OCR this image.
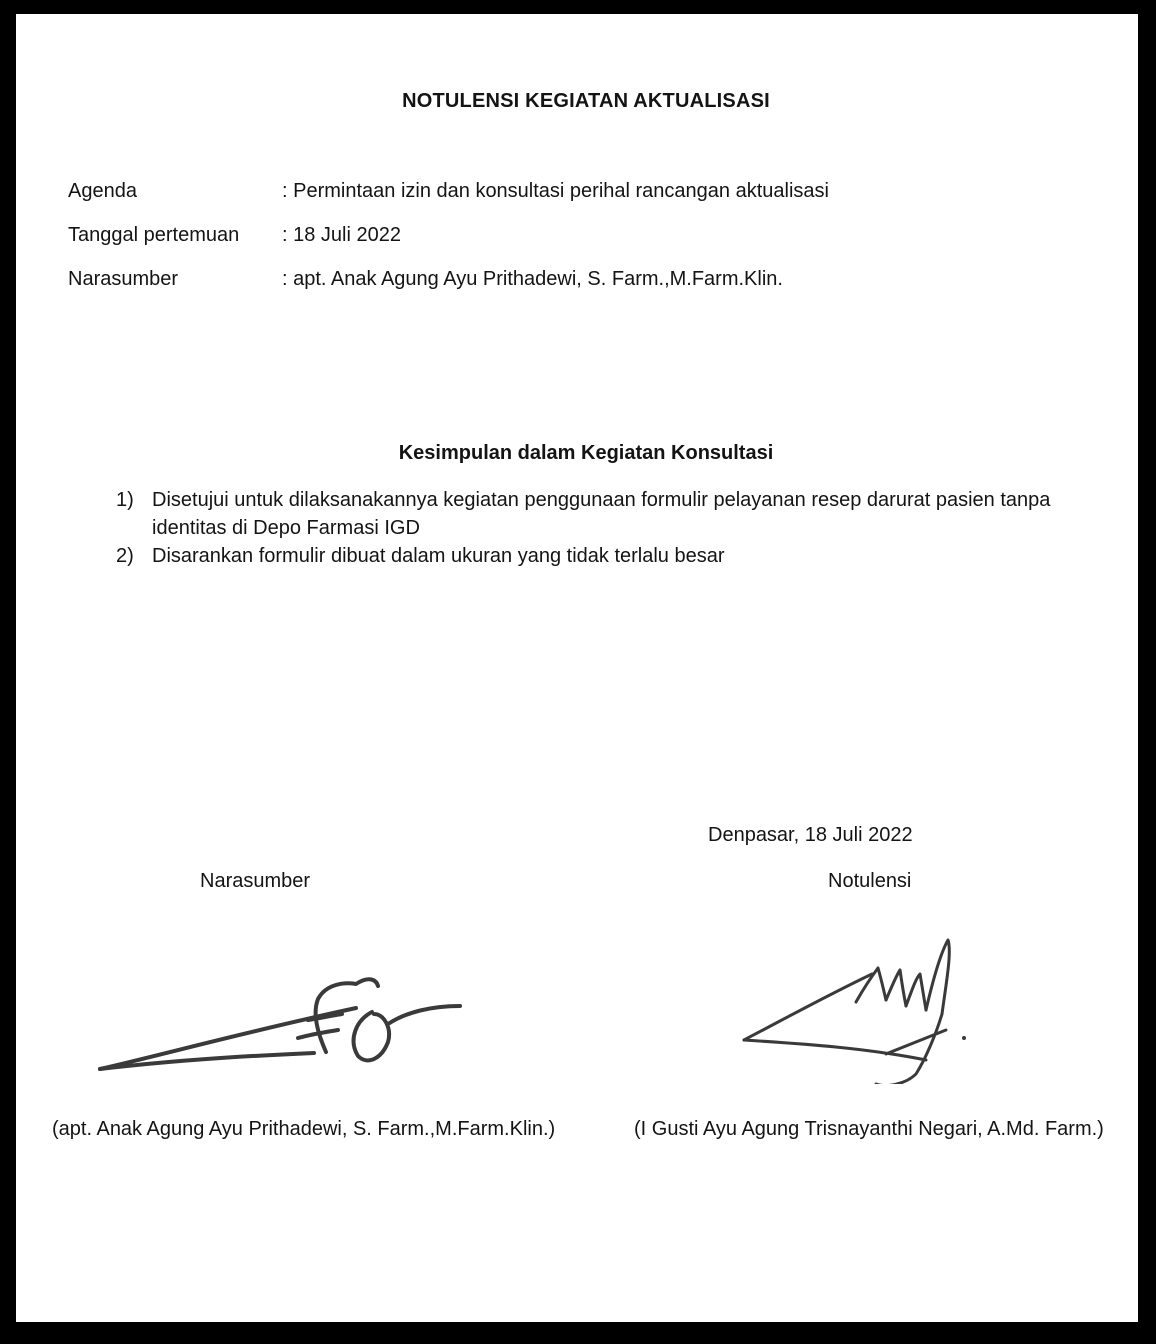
NOTULENSI KEGIATAN AKTUALISASI
Agenda	: Permintaan izin dan konsultasi perihal rancangan aktualisasi
Tanggal pertemuan : 18 Juli 2022
Narasumber	: apt. Anak Agung Ayu Prithadewi, S. Farm.,M.Farm.Klin.
Kesimpulan dalam Kegiatan Konsultasi
1) Disetujui untuk dilaksanakannya kegiatan penggunaan formulir pelayanan resep darurat pasien tanpa identitas di Depo Farmasi IGD
2) Disarankan formulir dibuat dalam ukuran yang tidak terlalu besar
Denpasar, 18 Juli 2022
Narasumber	Notulensi
(apt. Anak Agung Ayu Prithadewi, S. Farm.,M.Farm.Klin.)	(I Gusti Ayu Agung Trisnayanthi Negari, A.Md. Farm.)
